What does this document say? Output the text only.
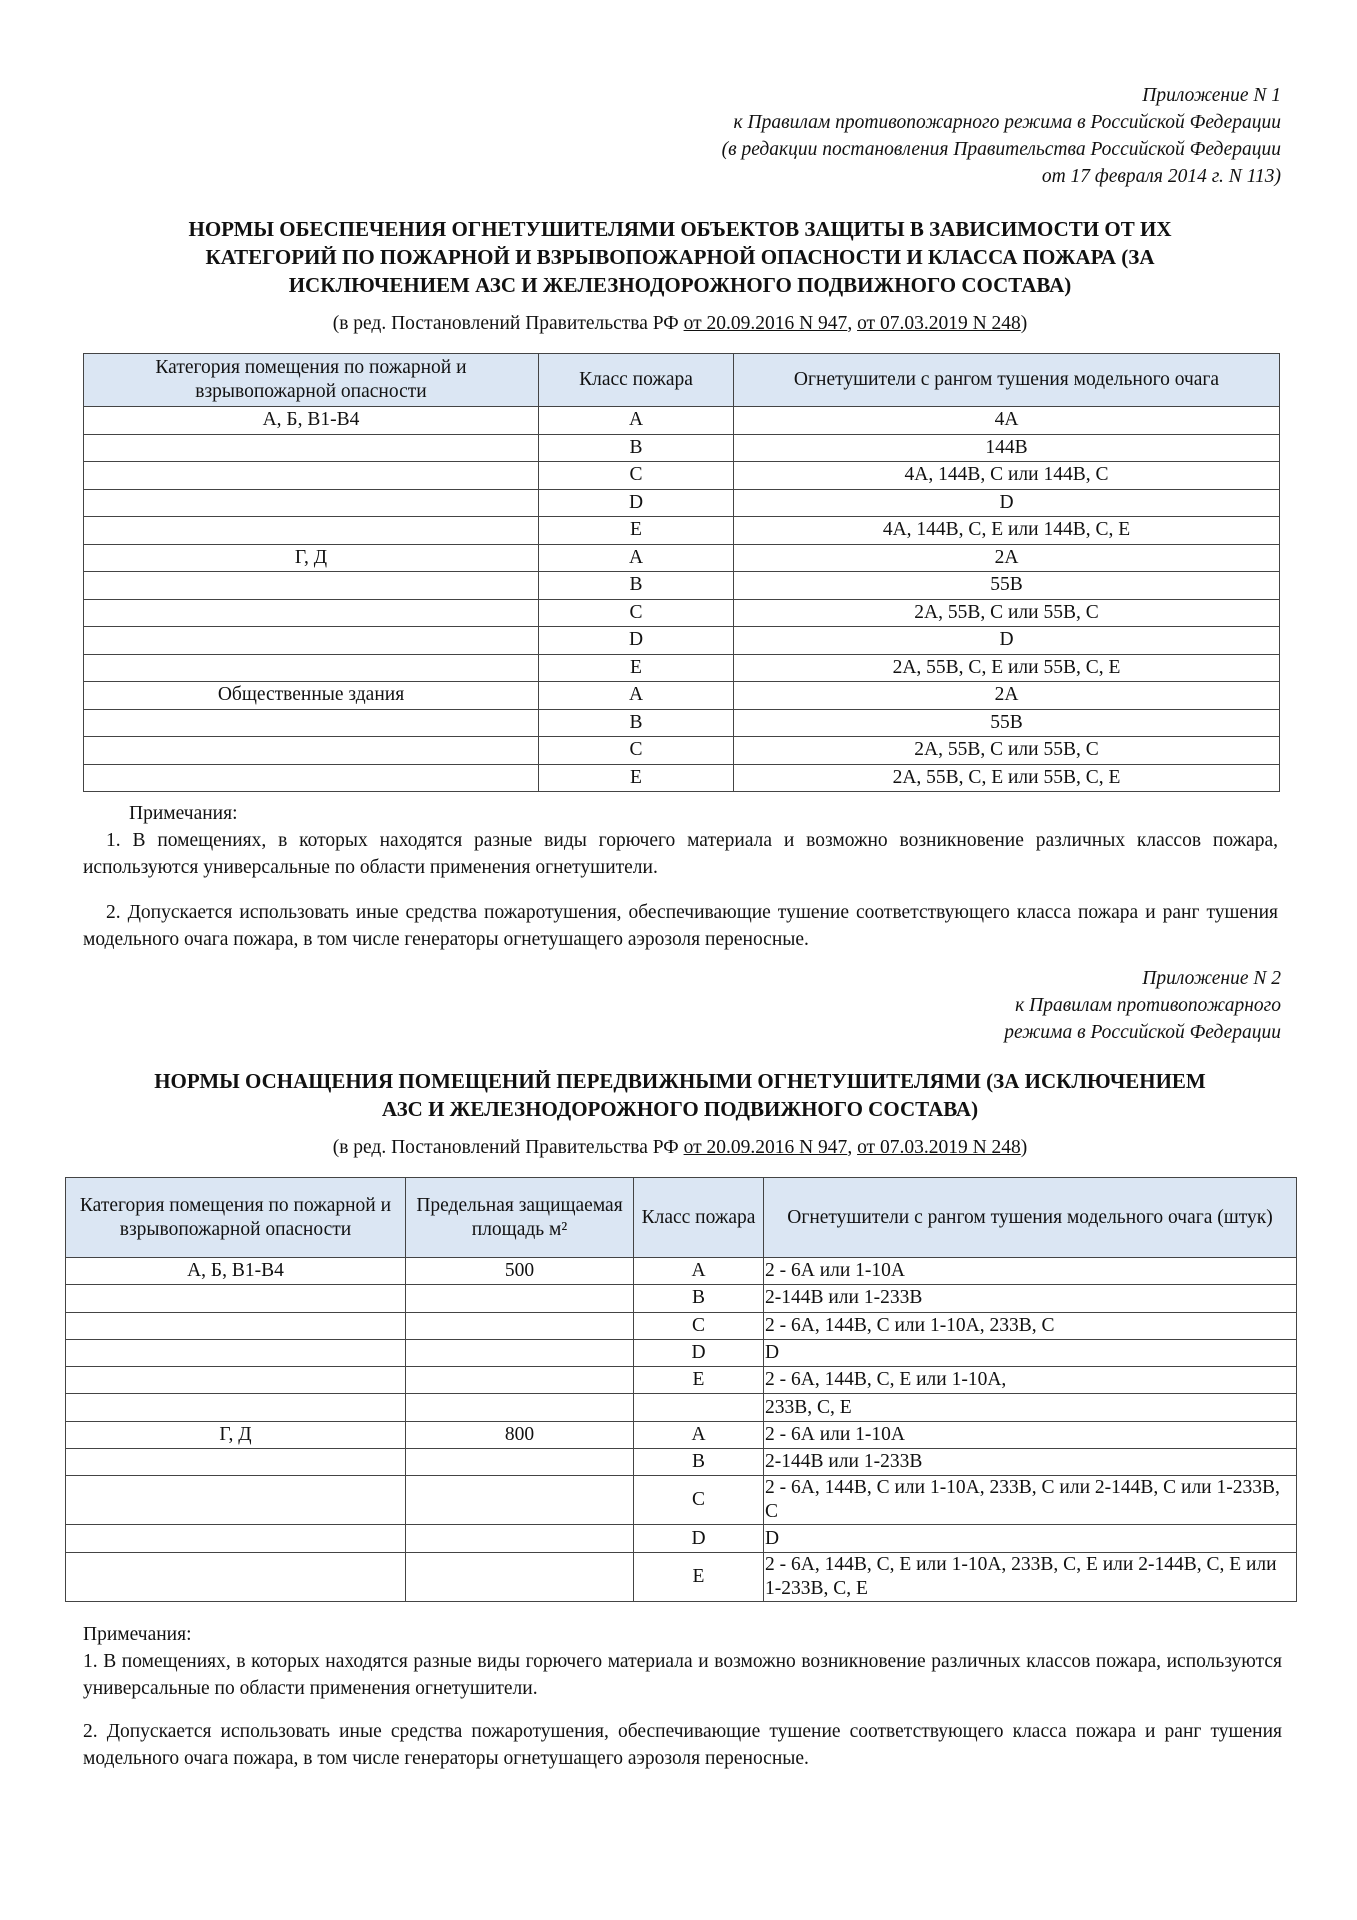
Приложение N 1
к Правилам противопожарного режима в Российской Федерации
(в редакции постановления Правительства Российской Федерации
от 17 февраля 2014 г. N 113)
НОРМЫ ОБЕСПЕЧЕНИЯ ОГНЕТУШИТЕЛЯМИ ОБЪЕКТОВ ЗАЩИТЫ В ЗАВИСИМОСТИ ОТ ИХ
КАТЕГОРИЙ ПО ПОЖАРНОЙ И ВЗРЫВОПОЖАРНОЙ ОПАСНОСТИ И КЛАССА ПОЖАРА (ЗА
ИСКЛЮЧЕНИЕМ АЗС И ЖЕЛЕЗНОДОРОЖНОГО ПОДВИЖНОГО СОСТАВА)
(в ред. Постановлений Правительства РФ от 20.09.2016 N 947, от 07.03.2019 N 248)
Категория помещения по пожарной и взрывопожарной опасности	Класс пожара	Огнетушители с рангом тушения модельного очага
А, Б, В1-В4	А	4А
	В	144В
	С	4А, 144В, С или 144В, С
	D	D
	Е	4А, 144В, С, Е или 144В, С, Е
Г, Д	А	2А
	В	55В
	С	2А, 55В, С или 55В, С
	D	D
	Е	2А, 55В, С, Е или 55В, С, Е
Общественные здания	А	2А
	В	55В
	С	2А, 55В, С или 55В, С
	Е	2А, 55В, С, Е или 55В, С, Е

Примечания:

1. В помещениях, в которых находятся разные виды горючего материала и возможно возникновение различных классов пожара, используются универсальные по области применения огнетушители.

2. Допускается использовать иные средства пожаротушения, обеспечивающие тушение соответствующего класса пожара и ранг тушения модельного очага пожара, в том числе генераторы огнетушащего аэрозоля переносные.

Приложение N 2
к Правилам противопожарного
режима в Российской Федерации
НОРМЫ ОСНАЩЕНИЯ ПОМЕЩЕНИЙ ПЕРЕДВИЖНЫМИ ОГНЕТУШИТЕЛЯМИ (ЗА ИСКЛЮЧЕНИЕМ
АЗС И ЖЕЛЕЗНОДОРОЖНОГО ПОДВИЖНОГО СОСТАВА)
(в ред. Постановлений Правительства РФ от 20.09.2016 N 947, от 07.03.2019 N 248)
Категория помещения по пожарной и взрывопожарной опасности	Предельная защищаемая площадь м²	Класс пожара	Огнетушители с рангом тушения модельного очага (штук)
А, Б, В1-В4	500	А	2 - 6А или 1-10А
		В	2-144В или 1-233В
		С	2 - 6А, 144В, С или 1-10А, 233В, С
		D	D
		Е	2 - 6А, 144В, С, Е или 1-10А,
			233В, С, Е
Г, Д	800	А	2 - 6А или 1-10А
		В	2-144В или 1-233В
		С	2 - 6А, 144В, С или 1-10А, 233В, С или 2-144В, С или 1-233В, С
		D	D
		Е	2 - 6А, 144В, С, Е или 1-10А, 233В, С, Е или 2-144В, С, Е или 1-233В, С, Е

Примечания:

1. В помещениях, в которых находятся разные виды горючего материала и возможно возникновение различных классов пожара, используются универсальные по области применения огнетушители.

2. Допускается использовать иные средства пожаротушения, обеспечивающие тушение соответствующего класса пожара и ранг тушения модельного очага пожара, в том числе генераторы огнетушащего аэрозоля переносные.
